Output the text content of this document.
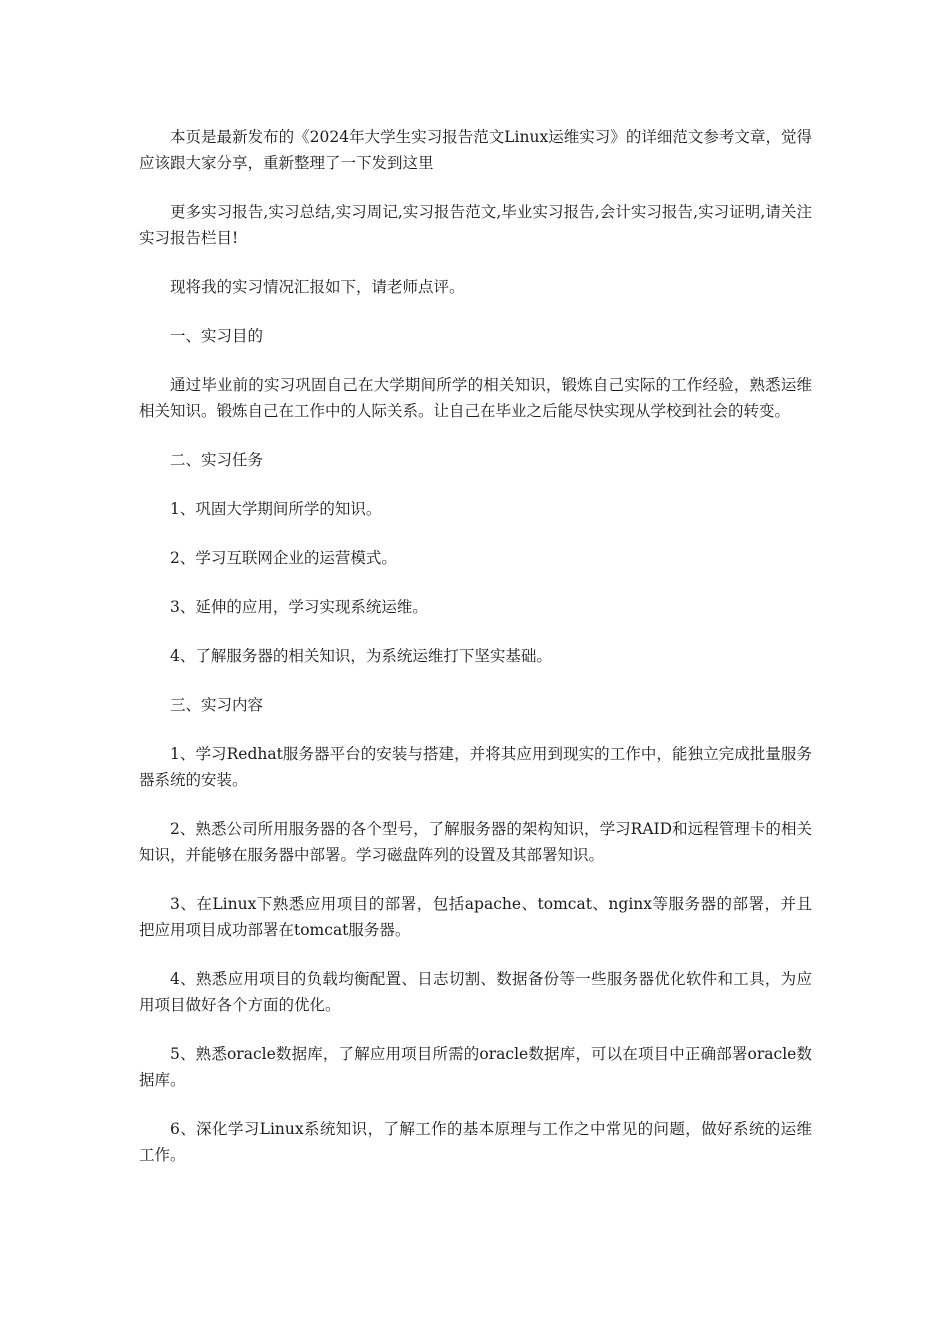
本页是最新发布的《2024年大学生实习报告范文Linux运维实习》的详细范文参考文章，觉得应该跟大家分享，重新整理了一下发到这里

更多实习报告,实习总结,实习周记,实习报告范文,毕业实习报告,会计实习报告,实习证明,请关注实习报告栏目!

现将我的实习情况汇报如下，请老师点评。

一、实习目的

通过毕业前的实习巩固自己在大学期间所学的相关知识，锻炼自己实际的工作经验，熟悉运维相关知识。锻炼自己在工作中的人际关系。让自己在毕业之后能尽快实现从学校到社会的转变。

二、实习任务

1、巩固大学期间所学的知识。

2、学习互联网企业的运营模式。

3、延伸的应用，学习实现系统运维。

4、了解服务器的相关知识，为系统运维打下坚实基础。

三、实习内容

1、学习Redhat服务器平台的安装与搭建，并将其应用到现实的工作中，能独立完成批量服务器系统的安装。

2、熟悉公司所用服务器的各个型号，了解服务器的架构知识，学习RAID和远程管理卡的相关知识，并能够在服务器中部署。学习磁盘阵列的设置及其部署知识。

3、在Linux下熟悉应用项目的部署，包括apache、tomcat、nginx等服务器的部署，并且把应用项目成功部署在tomcat服务器。

4、熟悉应用项目的负载均衡配置、日志切割、数据备份等一些服务器优化软件和工具，为应用项目做好各个方面的优化。

5、熟悉oracle数据库，了解应用项目所需的oracle数据库，可以在项目中正确部署oracle数据库。

6、深化学习Linux系统知识，了解工作的基本原理与工作之中常见的问题，做好系统的运维工作。
